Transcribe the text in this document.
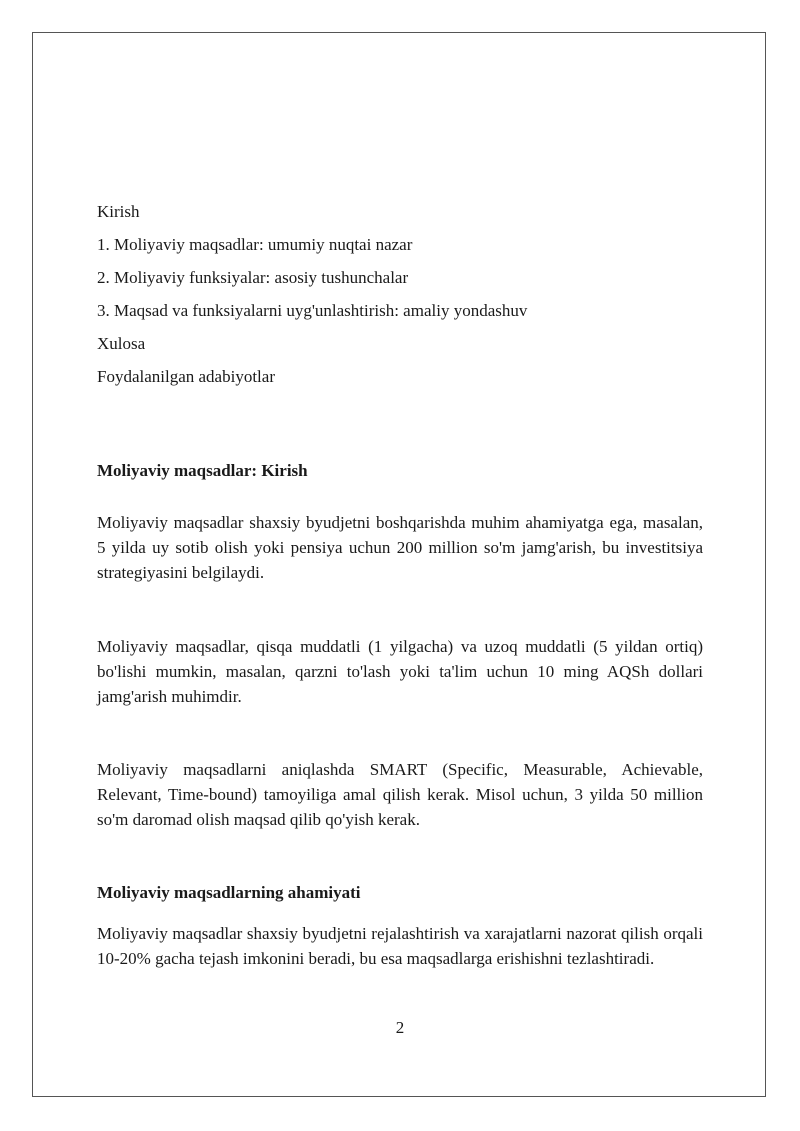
Kirish
1. Moliyaviy maqsadlar: umumiy nuqtai nazar
2. Moliyaviy funksiyalar: asosiy tushunchalar
3. Maqsad va funksiyalarni uyg'unlashtirish: amaliy yondashuv
Xulosa
Foydalanilgan adabiyotlar
Moliyaviy maqsadlar: Kirish

Moliyaviy maqsadlar shaxsiy byudjetni boshqarishda muhim ahamiyatga ega, masalan, 5 yilda uy sotib olish yoki pensiya uchun 200 million so'm jamg'arish, bu investitsiya strategiyasini belgilaydi.

Moliyaviy maqsadlar, qisqa muddatli (1 yilgacha) va uzoq muddatli (5 yildan ortiq) bo'lishi mumkin, masalan, qarzni to'lash yoki ta'lim uchun 10 ming AQSh dollari jamg'arish muhimdir.

Moliyaviy maqsadlarni aniqlashda SMART (Specific, Measurable, Achievable, Relevant, Time-bound) tamoyiliga amal qilish kerak. Misol uchun, 3 yilda 50 million so'm daromad olish maqsad qilib qo'yish kerak.

Moliyaviy maqsadlarning ahamiyati

Moliyaviy maqsadlar shaxsiy byudjetni rejalashtirish va xarajatlarni nazorat qilish orqali 10-20% gacha tejash imkonini beradi, bu esa maqsadlarga erishishni tezlashtiradi.

2
